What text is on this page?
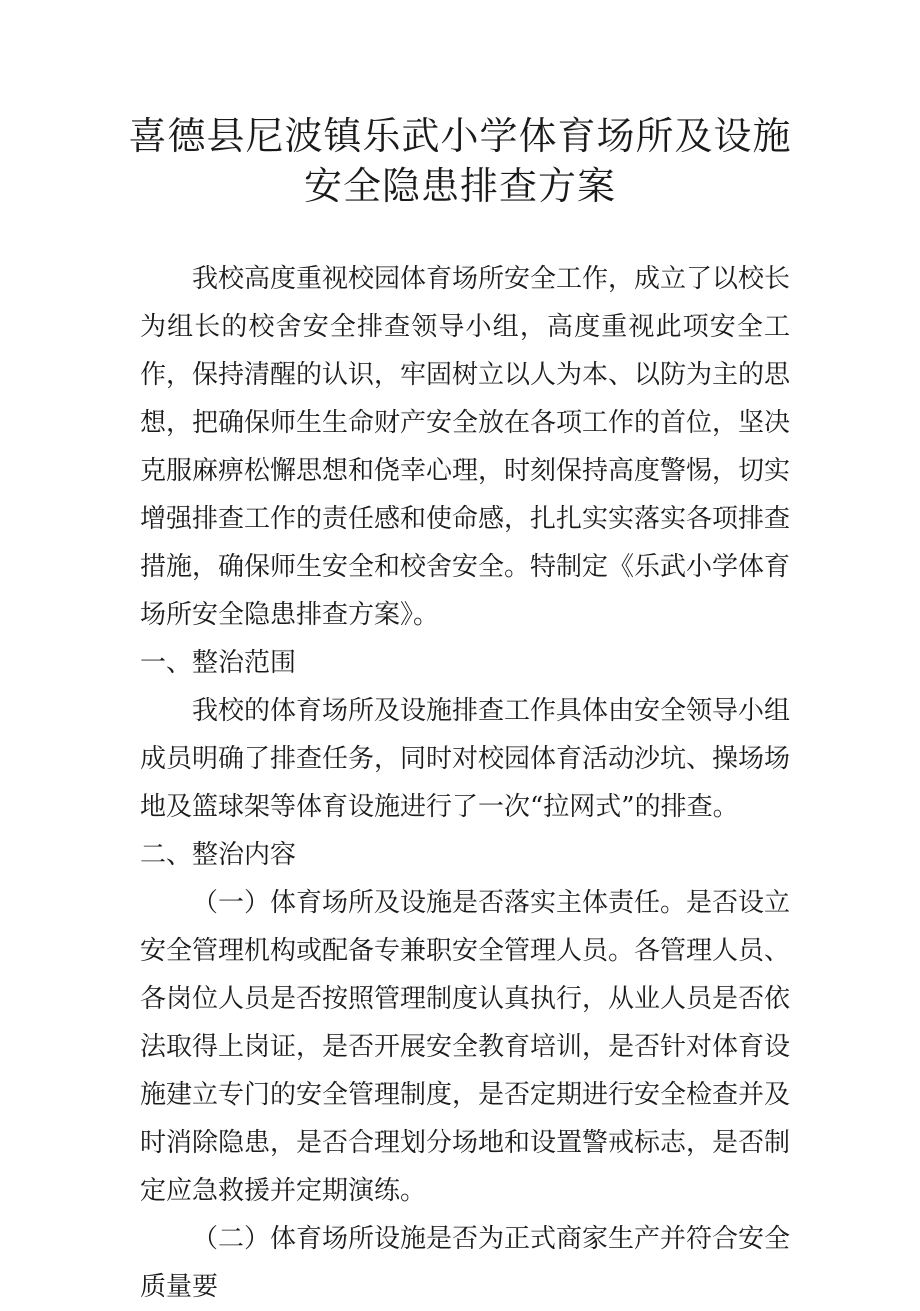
喜德县尼波镇乐武小学体育场所及设施
安全隐患排查方案

我校高度重视校园体育场所安全工作，成立了以校长为组长的校舍安全排查领导小组，高度重视此项安全工作，保持清醒的认识，牢固树立以人为本、以防为主的思想，把确保师生生命财产安全放在各项工作的首位，坚决克服麻痹松懈思想和侥幸心理，时刻保持高度警惕，切实增强排查工作的责任感和使命感，扎扎实实落实各项排查措施，确保师生安全和校舍安全。特制定《乐武小学体育场所安全隐患排查方案》。

一、整治范围

我校的体育场所及设施排查工作具体由安全领导小组成员明确了排查任务，同时对校园体育活动沙坑、操场场地及篮球架等体育设施进行了一次“拉网式”的排查。

二、整治内容

（一）体育场所及设施是否落实主体责任。是否设立安全管理机构或配备专兼职安全管理人员。各管理人员、各岗位人员是否按照管理制度认真执行，从业人员是否依法取得上岗证，是否开展安全教育培训，是否针对体育设施建立专门的安全管理制度，是否定期进行安全检查并及时消除隐患，是否合理划分场地和设置警戒标志，是否制定应急救援并定期演练。

（二）体育场所设施是否为正式商家生产并符合安全质量要
